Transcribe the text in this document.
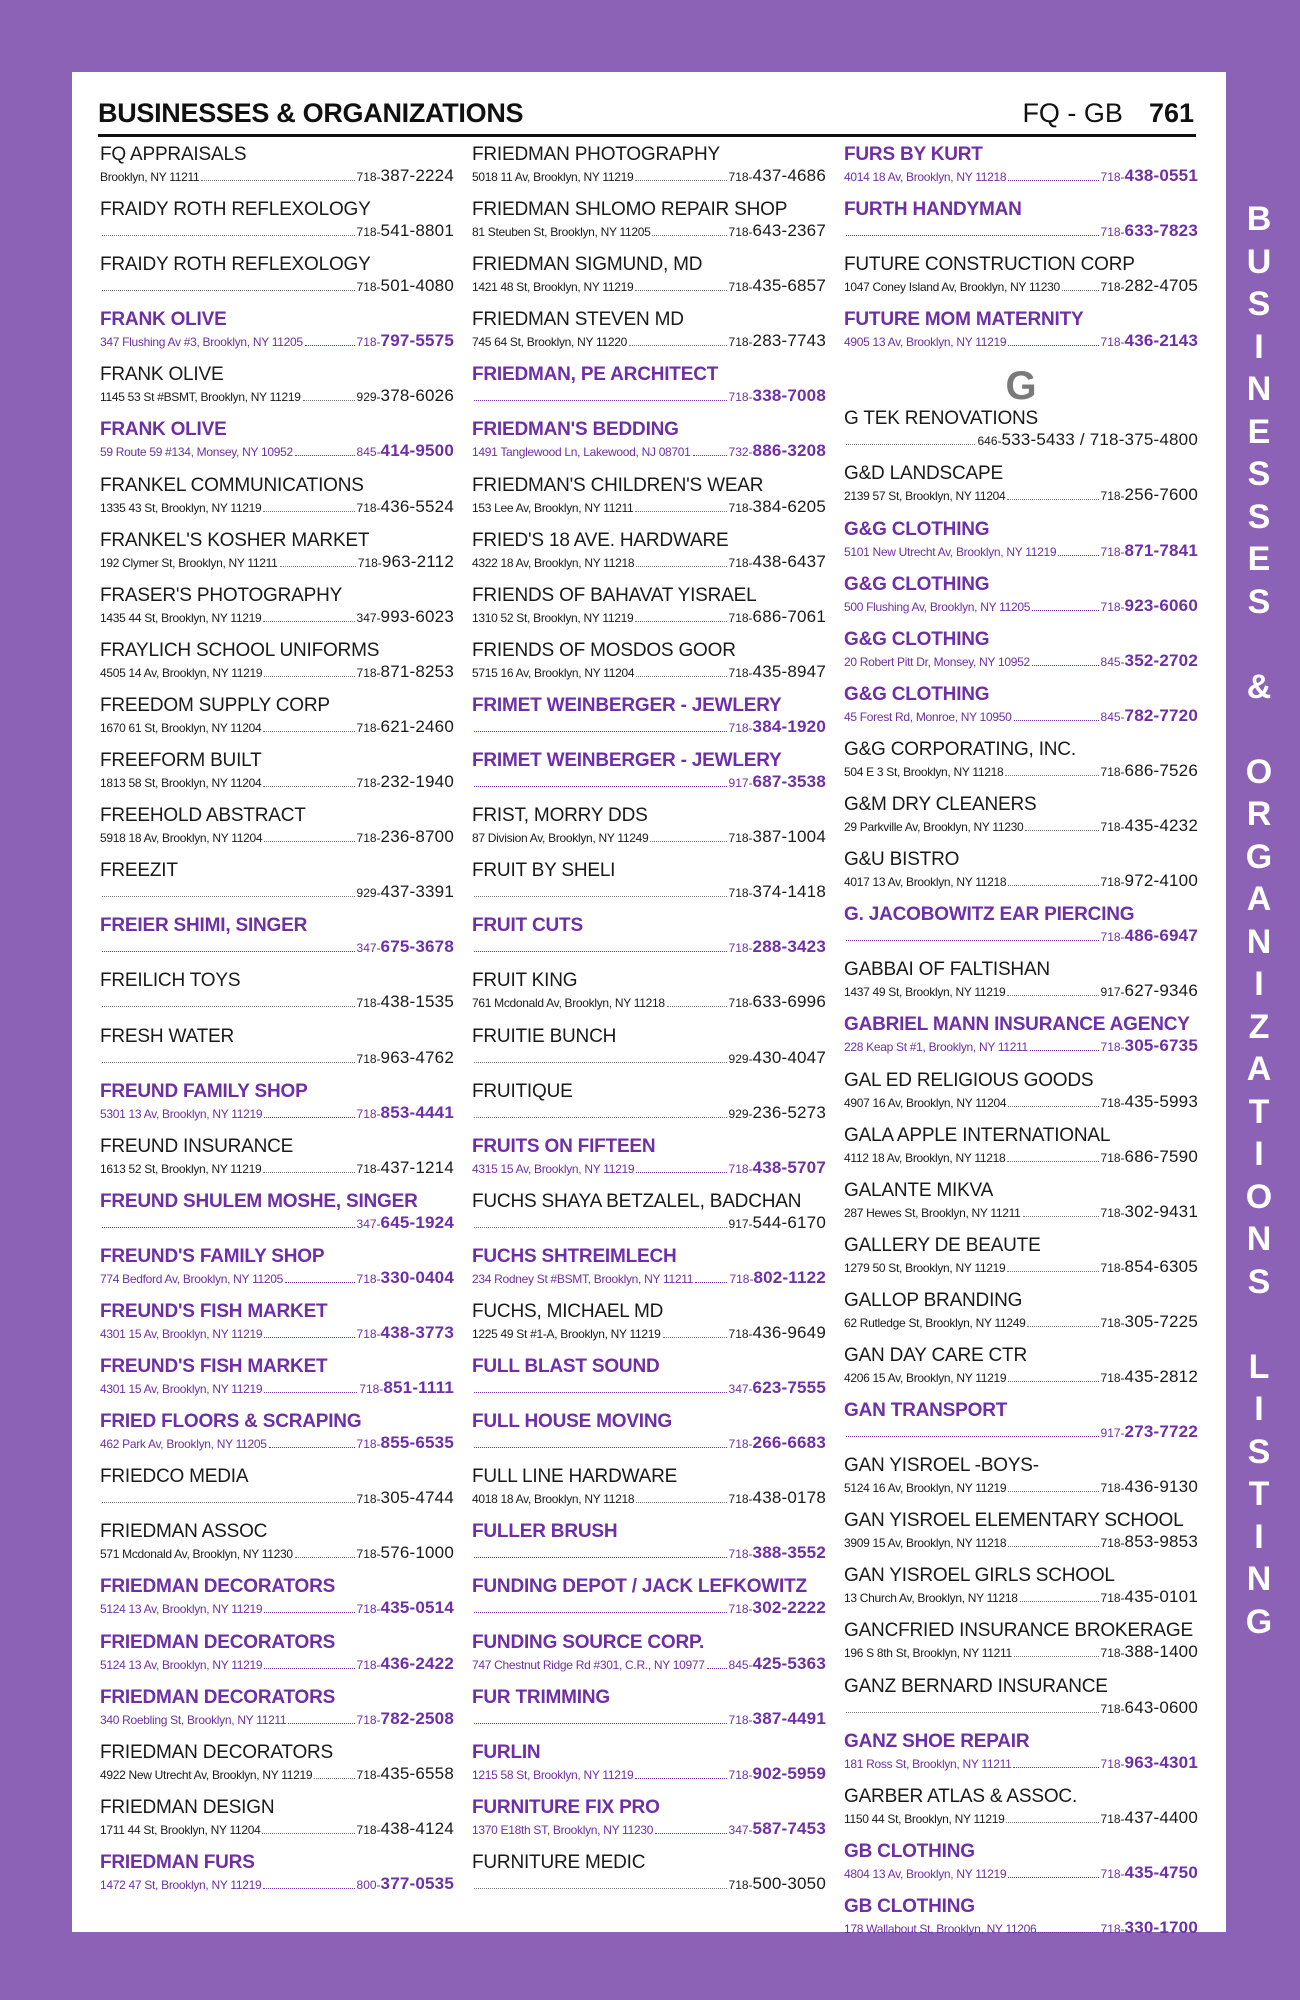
BUSINESSES & ORGANIZATIONS	FQ - GB 761
FQ APPRAISALS
Brooklyn, NY 11211	718- 387-2224
FRAIDY ROTH REFLEXOLOGY
718- 541-8801
FRAIDY ROTH REFLEXOLOGY
718- 501-4080
FRANK OLIVE
347 Flushing Av #3, Brooklyn, NY 11205	718- 797-5575
FRANK OLIVE
1145 53 St #BSMT, Brooklyn, NY 11219	929- 378-6026
FRANK OLIVE
59 Route 59 #134, Monsey, NY 10952	845- 414-9500
FRANKEL COMMUNICATIONS
1335 43 St, Brooklyn, NY 11219	718- 436-5524
FRANKEL'S KOSHER MARKET
192 Clymer St, Brooklyn, NY 11211	718- 963-2112
FRASER'S PHOTOGRAPHY
1435 44 St, Brooklyn, NY 11219	347- 993-6023
FRAYLICH SCHOOL UNIFORMS
4505 14 Av, Brooklyn, NY 11219	718- 871-8253
FREEDOM SUPPLY CORP
1670 61 St, Brooklyn, NY 11204	718- 621-2460
FREEFORM BUILT
1813 58 St, Brooklyn, NY 11204	718- 232-1940
FREEHOLD ABSTRACT
5918 18 Av, Brooklyn, NY 11204	718- 236-8700
FREEZIT
929- 437-3391
FREIER SHIMI, SINGER
347- 675-3678
FREILICH TOYS
718- 438-1535
FRESH WATER
718- 963-4762
FREUND FAMILY SHOP
5301 13 Av, Brooklyn, NY 11219	718- 853-4441
FREUND INSURANCE
1613 52 St, Brooklyn, NY 11219	718- 437-1214
FREUND SHULEM MOSHE, SINGER
347- 645-1924
FREUND'S FAMILY SHOP
774 Bedford Av, Brooklyn, NY 11205	718- 330-0404
FREUND'S FISH MARKET
4301 15 Av, Brooklyn, NY 11219	718- 438-3773
FREUND'S FISH MARKET
4301 15 Av, Brooklyn, NY 11219	718- 851-1111
FRIED FLOORS & SCRAPING
462 Park Av, Brooklyn, NY 11205	718- 855-6535
FRIEDCO MEDIA
718- 305-4744
FRIEDMAN ASSOC
571 Mcdonald Av, Brooklyn, NY 11230	718- 576-1000
FRIEDMAN DECORATORS
5124 13 Av, Brooklyn, NY 11219	718- 435-0514
FRIEDMAN DECORATORS
5124 13 Av, Brooklyn, NY 11219	718- 436-2422
FRIEDMAN DECORATORS
340 Roebling St, Brooklyn, NY 11211	718- 782-2508
FRIEDMAN DECORATORS
4922 New Utrecht Av, Brooklyn, NY 11219	718- 435-6558
FRIEDMAN DESIGN
1711 44 St, Brooklyn, NY 11204	718- 438-4124
FRIEDMAN FURS
1472 47 St, Brooklyn, NY 11219	800- 377-0535
FRIEDMAN PHOTOGRAPHY
5018 11 Av, Brooklyn, NY 11219	718- 437-4686
FRIEDMAN SHLOMO REPAIR SHOP
81 Steuben St, Brooklyn, NY 11205	718- 643-2367
FRIEDMAN SIGMUND, MD
1421 48 St, Brooklyn, NY 11219	718- 435-6857
FRIEDMAN STEVEN MD
745 64 St, Brooklyn, NY 11220	718- 283-7743
FRIEDMAN, PE ARCHITECT
718- 338-7008
FRIEDMAN'S BEDDING
1491 Tanglewood Ln, Lakewood, NJ 08701	732- 886-3208
FRIEDMAN'S CHILDREN'S WEAR
153 Lee Av, Brooklyn, NY 11211	718- 384-6205
FRIED'S 18 AVE. HARDWARE
4322 18 Av, Brooklyn, NY 11218	718- 438-6437
FRIENDS OF BAHAVAT YISRAEL
1310 52 St, Brooklyn, NY 11219	718- 686-7061
FRIENDS OF MOSDOS GOOR
5715 16 Av, Brooklyn, NY 11204	718- 435-8947
FRIMET WEINBERGER - JEWLERY
718- 384-1920
FRIMET WEINBERGER - JEWLERY
917- 687-3538
FRIST, MORRY DDS
87 Division Av, Brooklyn, NY 11249	718- 387-1004
FRUIT BY SHELI
718- 374-1418
FRUIT CUTS
718- 288-3423
FRUIT KING
761 Mcdonald Av, Brooklyn, NY 11218	718- 633-6996
FRUITIE BUNCH
929- 430-4047
FRUITIQUE
929- 236-5273
FRUITS ON FIFTEEN
4315 15 Av, Brooklyn, NY 11219	718- 438-5707
FUCHS SHAYA BETZALEL, BADCHAN
917- 544-6170
FUCHS SHTREIMLECH
234 Rodney St #BSMT, Brooklyn, NY 11211	718- 802-1122
FUCHS, MICHAEL MD
1225 49 St #1-A, Brooklyn, NY 11219	718- 436-9649
FULL BLAST SOUND
347- 623-7555
FULL HOUSE MOVING
718- 266-6683
FULL LINE HARDWARE
4018 18 Av, Brooklyn, NY 11218	718- 438-0178
FULLER BRUSH
718- 388-3552
FUNDING DEPOT / JACK LEFKOWITZ
718- 302-2222
FUNDING SOURCE CORP.
747 Chestnut Ridge Rd #301, C.R., NY 10977 845- 425-5363
FUR TRIMMING
718- 387-4491
FURLIN
1215 58 St, Brooklyn, NY 11219	718- 902-5959
FURNITURE FIX PRO
1370 E18th ST, Brooklyn, NY 11230	347- 587-7453
FURNITURE MEDIC
718- 500-3050
FURS BY KURT
4014 18 Av, Brooklyn, NY 11218	718- 438-0551
FURTH HANDYMAN
718- 633-7823
FUTURE CONSTRUCTION CORP
1047 Coney Island Av, Brooklyn, NY 11230	718- 282-4705
FUTURE MOM MATERNITY
4905 13 Av, Brooklyn, NY 11219	718- 436-2143
G
G TEK RENOVATIONS
646- 533-5433 / 718-375-4800
G&D LANDSCAPE
2139 57 St, Brooklyn, NY 11204	718- 256-7600
G&G CLOTHING
5101 New Utrecht Av, Brooklyn, NY 11219	718- 871-7841
G&G CLOTHING
500 Flushing Av, Brooklyn, NY 11205	718- 923-6060
G&G CLOTHING
20 Robert Pitt Dr, Monsey, NY 10952	845- 352-2702
G&G CLOTHING
45 Forest Rd, Monroe, NY 10950	845- 782-7720
G&G CORPORATING, INC.
504 E 3 St, Brooklyn, NY 11218	718- 686-7526
G&M DRY CLEANERS
29 Parkville Av, Brooklyn, NY 11230	718- 435-4232
G&U BISTRO
4017 13 Av, Brooklyn, NY 11218	718- 972-4100
G. JACOBOWITZ EAR PIERCING
718- 486-6947
GABBAI OF FALTISHAN
1437 49 St, Brooklyn, NY 11219	917- 627-9346
GABRIEL MANN INSURANCE AGENCY
228 Keap St #1, Brooklyn, NY 11211	718- 305-6735
GAL ED RELIGIOUS GOODS
4907 16 Av, Brooklyn, NY 11204	718- 435-5993
GALA APPLE INTERNATIONAL
4112 18 Av, Brooklyn, NY 11218	718- 686-7590
GALANTE MIKVA
287 Hewes St, Brooklyn, NY 11211	718- 302-9431
GALLERY DE BEAUTE
1279 50 St, Brooklyn, NY 11219	718- 854-6305
GALLOP BRANDING
62 Rutledge St, Brooklyn, NY 11249	718- 305-7225
GAN DAY CARE CTR
4206 15 Av, Brooklyn, NY 11219	718- 435-2812
GAN TRANSPORT
917- 273-7722
GAN YISROEL -BOYS-
5124 16 Av, Brooklyn, NY 11219	718- 436-9130
GAN YISROEL ELEMENTARY SCHOOL
3909 15 Av, Brooklyn, NY 11218	718- 853-9853
GAN YISROEL GIRLS SCHOOL
13 Church Av, Brooklyn, NY 11218	718- 435-0101
GANCFRIED INSURANCE BROKERAGE
196 S 8th St, Brooklyn, NY 11211	718- 388-1400
GANZ BERNARD INSURANCE
718- 643-0600
GANZ SHOE REPAIR
181 Ross St, Brooklyn, NY 11211	718- 963-4301
GARBER ATLAS & ASSOC.
1150 44 St, Brooklyn, NY 11219	718- 437-4400
GB CLOTHING
4804 13 Av, Brooklyn, NY 11219	718- 435-4750
GB CLOTHING
178 Wallabout St, Brooklyn, NY 11206	718- 330-1700
B
U
S
I
N
E
S
S
E
S

&

O
R
G
A
N
I
Z
A
T
I
O
N
S

L
I
S
T
I
N
G
